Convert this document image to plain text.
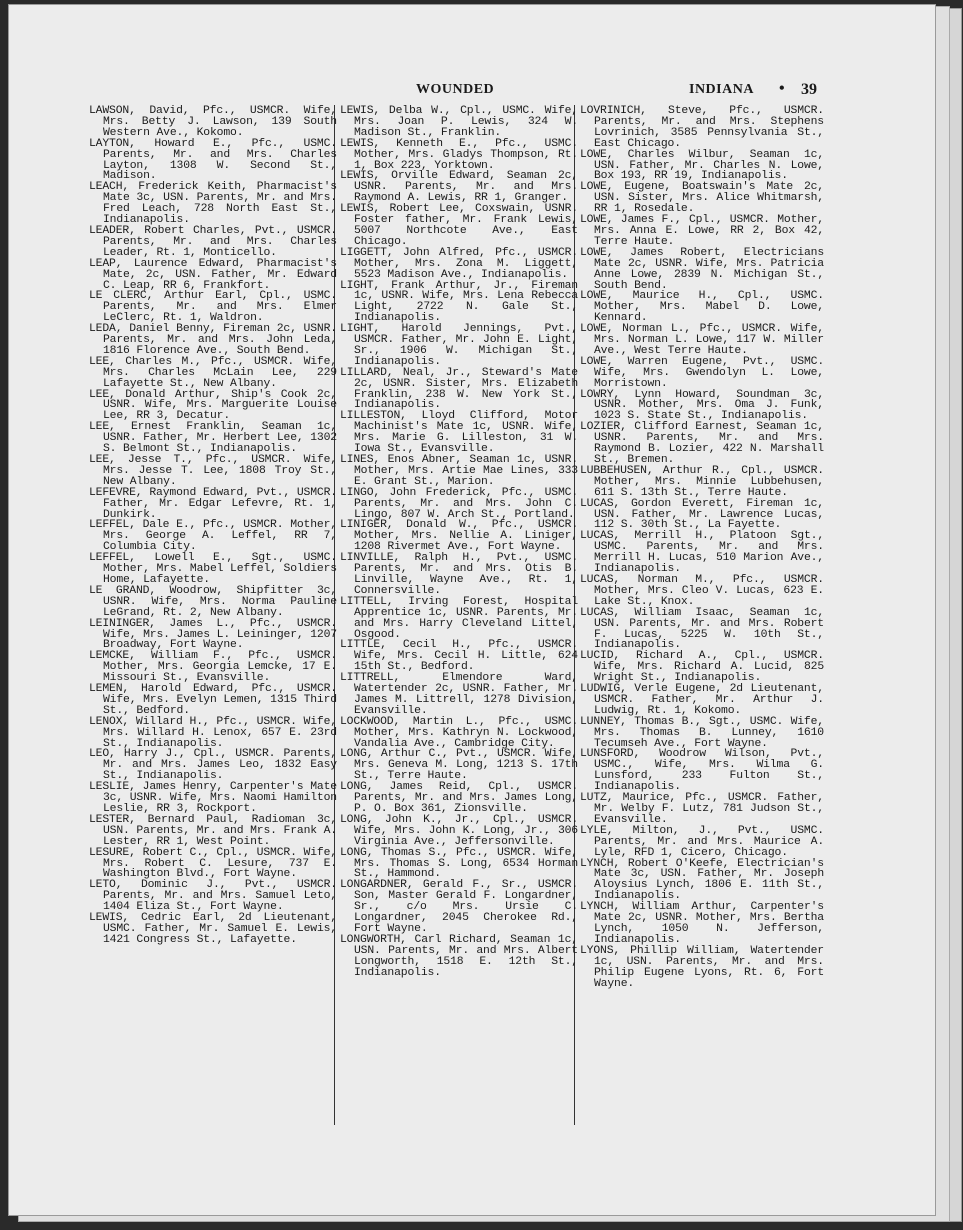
WOUNDED	INDIANA • 39

LAWSON, David, Pfc., USMCR. Wife, Mrs. Betty J. Lawson, 139 South Western Ave., Kokomo.

LAYTON, Howard E., Pfc., USMC. Parents, Mr. and Mrs. Charles Layton, 1308 W. Second St., Madison.

LEACH, Frederick Keith, Pharmacist's Mate 3c, USN. Parents, Mr. and Mrs. Fred Leach, 728 North East St., Indianapolis.

LEADER, Robert Charles, Pvt., USMCR. Parents, Mr. and Mrs. Charles Leader, Rt. 1, Monticello.

LEAP, Laurence Edward, Pharmacist's Mate, 2c, USN. Father, Mr. Edward C. Leap, RR 6, Frankfort.

LE CLERC, Arthur Earl, Cpl., USMC. Parents, Mr. and Mrs. Elmer LeClerc, Rt. 1, Waldron.

LEDA, Daniel Benny, Fireman 2c, USNR. Parents, Mr. and Mrs. John Leda, 1816 Florence Ave., South Bend.

LEE, Charles M., Pfc., USMCR. Wife, Mrs. Charles McLain Lee, 229 Lafayette St., New Albany.

LEE, Donald Arthur, Ship's Cook 2c, USNR. Wife, Mrs. Marguerite Louise Lee, RR 3, Decatur.

LEE, Ernest Franklin, Seaman 1c, USNR. Father, Mr. Herbert Lee, 1302 S. Belmont St., Indianapolis.

LEE, Jesse T., Pfc., USMCR. Wife, Mrs. Jesse T. Lee, 1808 Troy St., New Albany.

LEFEVRE, Raymond Edward, Pvt., USMCR. Father, Mr. Edgar Lefevre, Rt. 1, Dunkirk.

LEFFEL, Dale E., Pfc., USMCR. Mother, Mrs. George A. Leffel, RR 7, Columbia City.

LEFFEL, Lowell E., Sgt., USMC. Mother, Mrs. Mabel Leffel, Soldiers Home, Lafayette.

LE GRAND, Woodrow, Shipfitter 3c, USNR. Wife, Mrs. Norma Pauline LeGrand, Rt. 2, New Albany.

LEININGER, James L., Pfc., USMCR. Wife, Mrs. James L. Leininger, 1207 Broadway, Fort Wayne.

LEMCKE, William F., Pfc., USMCR. Mother, Mrs. Georgia Lemcke, 17 E. Missouri St., Evansville.

LEMEN, Harold Edward, Pfc., USMCR. Wife, Mrs. Evelyn Lemen, 1315 Third St., Bedford.

LENOX, Willard H., Pfc., USMCR. Wife, Mrs. Willard H. Lenox, 657 E. 23rd St., Indianapolis.

LEO, Harry J., Cpl., USMCR. Parents, Mr. and Mrs. James Leo, 1832 Easy St., Indianapolis.

LESLIE, James Henry, Carpenter's Mate 3c, USNR. Wife, Mrs. Naomi Hamilton Leslie, RR 3, Rockport.

LESTER, Bernard Paul, Radioman 3c, USN. Parents, Mr. and Mrs. Frank A. Lester, RR 1, West Point.

LESURE, Robert C., Cpl., USMCR. Wife, Mrs. Robert C. Lesure, 737 E. Washington Blvd., Fort Wayne.

LETO, Dominic J., Pvt., USMCR. Parents, Mr. and Mrs. Samuel Leto, 1404 Eliza St., Fort Wayne.

LEWIS, Cedric Earl, 2d Lieutenant, USMC. Father, Mr. Samuel E. Lewis, 1421 Congress St., Lafayette.

LEWIS, Delba W., Cpl., USMC. Wife, Mrs. Joan P. Lewis, 324 W. Madison St., Franklin.

LEWIS, Kenneth E., Pfc., USMC. Mother, Mrs. Gladys Thompson, Rt. 1, Box 223, Yorktown.

LEWIS, Orville Edward, Seaman 2c, USNR. Parents, Mr. and Mrs. Raymond A. Lewis, RR 1, Granger.

LEWIS, Robert Lee, Coxswain, USNR. Foster father, Mr. Frank Lewis, 5007 Northcote Ave., East Chicago.

LIGGETT, John Alfred, Pfc., USMCR. Mother, Mrs. Zona M. Liggett, 5523 Madison Ave., Indianapolis.

LIGHT, Frank Arthur, Jr., Fireman 1c, USNR. Wife, Mrs. Lena Rebecca Light, 2722 N. Gale St., Indianapolis.

LIGHT, Harold Jennings, Pvt., USMCR. Father, Mr. John E. Light, Sr., 1906 W. Michigan St., Indianapolis.

LILLARD, Neal, Jr., Steward's Mate 2c, USNR. Sister, Mrs. Elizabeth Franklin, 238 W. New York St., Indianapolis.

LILLESTON, Lloyd Clifford, Motor Machinist's Mate 1c, USNR. Wife, Mrs. Marie G. Lilleston, 31 W. Iowa St., Evansville.

LINES, Enos Abner, Seaman 1c, USNR. Mother, Mrs. Artie Mae Lines, 333 E. Grant St., Marion.

LINGO, John Frederick, Pfc., USMC. Parents, Mr. and Mrs. John C. Lingo, 807 W. Arch St., Portland.

LINIGER, Donald W., Pfc., USMCR. Mother, Mrs. Nellie A. Liniger, 1208 Rivermet Ave., Fort Wayne.

LINVILLE, Ralph H., Pvt., USMC. Parents, Mr. and Mrs. Otis B. Linville, Wayne Ave., Rt. 1, Connersville.

LITTELL, Irving Forest, Hospital Apprentice 1c, USNR. Parents, Mr. and Mrs. Harry Cleveland Littel, Osgood.

LITTLE, Cecil H., Pfc., USMCR. Wife, Mrs. Cecil H. Little, 624 15th St., Bedford.

LITTRELL, Elmendore Ward, Watertender 2c, USNR. Father, Mr. James M. Littrell, 1278 Division, Evansville.

LOCKWOOD, Martin L., Pfc., USMC. Mother, Mrs. Kathryn N. Lockwood, Vandalia Ave., Cambridge City.

LONG, Arthur C., Pvt., USMCR. Wife, Mrs. Geneva M. Long, 1213 S. 17th St., Terre Haute.

LONG, James Reid, Cpl., USMCR. Parents, Mr. and Mrs. James Long, P. O. Box 361, Zionsville.

LONG, John K., Jr., Cpl., USMCR. Wife, Mrs. John K. Long, Jr., 306 Virginia Ave., Jeffersonville.

LONG, Thomas S., Pfc., USMCR. Wife, Mrs. Thomas S. Long, 6534 Horman St., Hammond.

LONGARDNER, Gerald F., Sr., USMCR. Son, Master Gerald F. Longardner, Sr., c/o Mrs. Ursie C. Longardner, 2045 Cherokee Rd., Fort Wayne.

LONGWORTH, Carl Richard, Seaman 1c, USN. Parents, Mr. and Mrs. Albert Longworth, 1518 E. 12th St., Indianapolis.

LOVRINICH, Steve, Pfc., USMCR. Parents, Mr. and Mrs. Stephens Lovrinich, 3585 Pennsylvania St., East Chicago.

LOWE, Charles Wilbur, Seaman 1c, USN. Father, Mr. Charles N. Lowe, Box 193, RR 19, Indianapolis.

LOWE, Eugene, Boatswain's Mate 2c, USN. Sister, Mrs. Alice Whitmarsh, RR 1, Rosedale.

LOWE, James F., Cpl., USMCR. Mother, Mrs. Anna E. Lowe, RR 2, Box 42, Terre Haute.

LOWE, James Robert, Electricians Mate 2c, USNR. Wife, Mrs. Patricia Anne Lowe, 2839 N. Michigan St., South Bend.

LOWE, Maurice H., Cpl., USMC. Mother, Mrs. Mabel D. Lowe, Kennard.

LOWE, Norman L., Pfc., USMCR. Wife, Mrs. Norman L. Lowe, 117 W. Miller Ave., West Terre Haute.

LOWE, Warren Eugene, Pvt., USMC. Wife, Mrs. Gwendolyn L. Lowe, Morristown.

LOWRY, Lynn Howard, Soundman 3c, USNR. Mother, Mrs. Oma J. Funk, 1023 S. State St., Indianapolis.

LOZIER, Clifford Earnest, Seaman 1c, USNR. Parents, Mr. and Mrs. Raymond B. Lozier, 422 N. Marshall St., Bremen.

LUBBEHUSEN, Arthur R., Cpl., USMCR. Mother, Mrs. Minnie Lubbehusen, 611 S. 13th St., Terre Haute.

LUCAS, Gordon Everett, Fireman 1c, USN. Father, Mr. Lawrence Lucas, 112 S. 30th St., La Fayette.

LUCAS, Merrill H., Platoon Sgt., USMC. Parents, Mr. and Mrs. Merrill H. Lucas, 510 Marion Ave., Indianapolis.

LUCAS, Norman M., Pfc., USMCR. Mother, Mrs. Cleo V. Lucas, 623 E. Lake St., Knox.

LUCAS, William Isaac, Seaman 1c, USN. Parents, Mr. and Mrs. Robert F. Lucas, 5225 W. 10th St., Indianapolis.

LUCID, Richard A., Cpl., USMCR. Wife, Mrs. Richard A. Lucid, 825 Wright St., Indianapolis.

LUDWIG, Verle Eugene, 2d Lieutenant, USMCR. Father, Mr. Arthur J. Ludwig, Rt. 1, Kokomo.

LUNNEY, Thomas B., Sgt., USMC. Wife, Mrs. Thomas B. Lunney, 1610 Tecumseh Ave., Fort Wayne.

LUNSFORD, Woodrow Wilson, Pvt., USMC., Wife, Mrs. Wilma G. Lunsford, 233 Fulton St., Indianapolis.

LUTZ, Maurice, Pfc., USMCR. Father, Mr. Welby F. Lutz, 781 Judson St., Evansville.

LYLE, Milton, J., Pvt., USMC. Parents, Mr. and Mrs. Maurice A. Lyle, RFD 1, Cicero, Chicago.

LYNCH, Robert O'Keefe, Electrician's Mate 3c, USN. Father, Mr. Joseph Aloysius Lynch, 1806 E. 11th St., Indianapolis.

LYNCH, William Arthur, Carpenter's Mate 2c, USNR. Mother, Mrs. Bertha Lynch, 1050 N. Jefferson, Indianapolis.

LYONS, Phillip William, Watertender 1c, USN. Parents, Mr. and Mrs. Philip Eugene Lyons, Rt. 6, Fort Wayne.
